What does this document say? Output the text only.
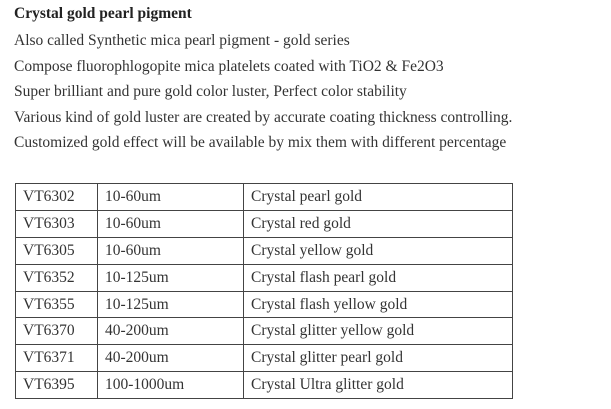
Crystal gold pearl pigment

Also called Synthetic mica pearl pigment - gold series

Compose fluorophlogopite mica platelets coated with TiO2 & Fe2O3

Super brilliant and pure gold color luster, Perfect color stability

Various kind of gold luster are created by accurate coating thickness controlling.

Customized gold effect will be available by mix them with different percentage

VT6302	10-60um	Crystal pearl gold
VT6303	10-60um	Crystal red gold
VT6305	10-60um	Crystal yellow gold
VT6352	10-125um	Crystal flash pearl gold
VT6355	10-125um	Crystal flash yellow gold
VT6370	40-200um	Crystal glitter yellow gold
VT6371	40-200um	Crystal glitter pearl gold
VT6395	100-1000um	Crystal Ultra glitter gold
